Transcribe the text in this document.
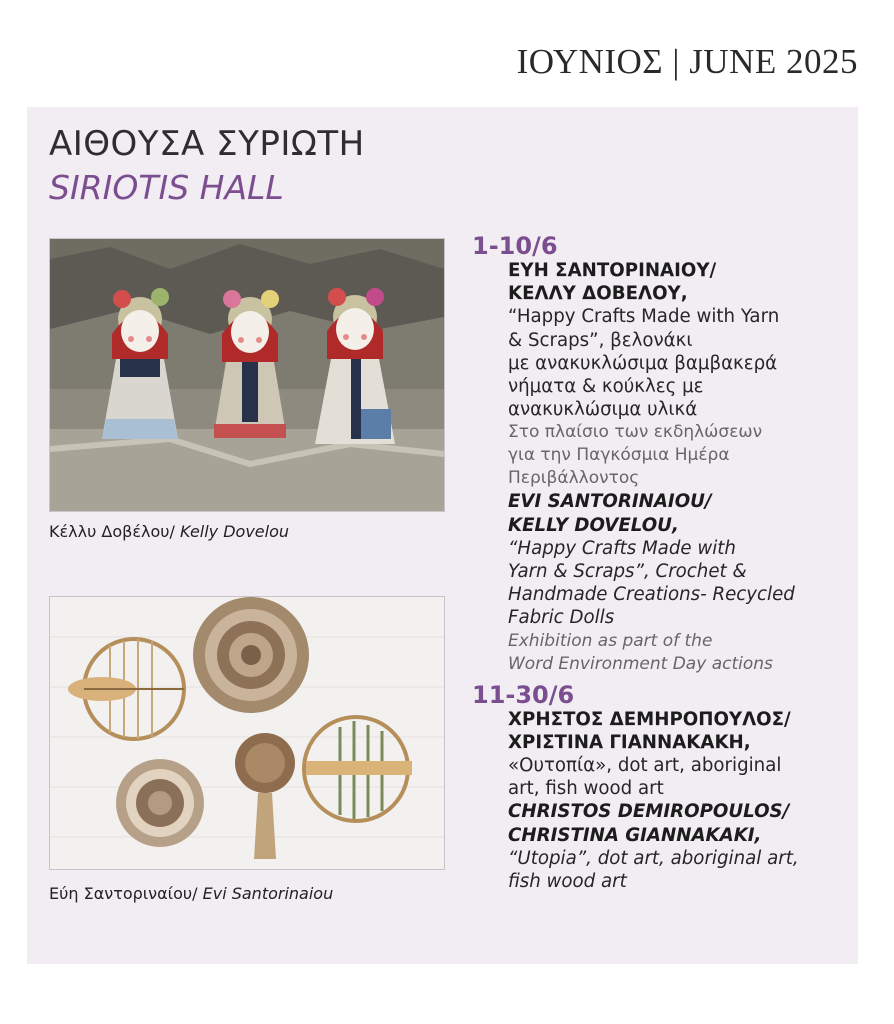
ΙΟΥΝΙΟΣ | JUNE 2025
ΑΙΘΟΥΣΑ ΣΥΡΙΩΤΗ
SIRIOTIS HALL
Κέλλυ Δοβέλου/ Kelly Dovelou
Εύη Σαντοριναίου/ Evi Santorinaiou
1-10/6
ΕΥΗ ΣΑΝΤΟΡΙΝΑΙΟΥ/
ΚΕΛΛΥ ΔΟΒΕΛΟΥ,
“Happy Crafts Made with Yarn
& Scraps”, βελονάκι
με ανακυκλώσιμα βαμβακερά
νήματα & κούκλες με
ανακυκλώσιμα υλικά
Στο πλαίσιο των εκδηλώσεων
για την Παγκόσμια Ημέρα
Περιβάλλοντος
EVI SANTORINAIOU/
KELLY DOVELOU,
“Happy Crafts Made with
Yarn & Scraps”, Crochet &
Handmade Creations- Recycled
Fabric Dolls
Exhibition as part of the
Word Environment Day actions
11-30/6
ΧΡΗΣΤΟΣ ΔΕΜΗΡΟΠΟΥΛΟΣ/
ΧΡΙΣΤΙΝΑ ΓΙΑΝΝΑΚΑΚΗ,
«Ουτοπία», dot art, aboriginal
art, fish wood art
CHRISTOS DEMIROPOULOS/
CHRISTINA GIANNAKAKI,
“Utopia”, dot art, aboriginal art,
fish wood art
